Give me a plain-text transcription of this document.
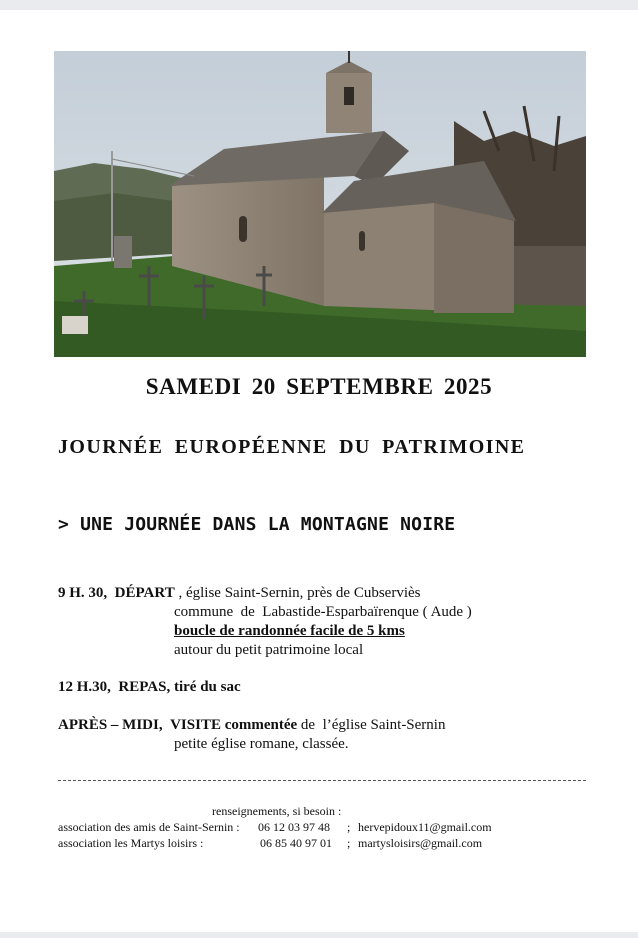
SAMEDI 20 SEPTEMBRE 2025
JOURNÉE EUROPÉENNE DU PATRIMOINE
> UNE JOURNÉE DANS LA MONTAGNE NOIRE
9 H. 30, DÉPART , église Saint-Sernin, près de Cubserviès
commune  de  Labastide-Esparbaïrenque ( Aude )
boucle de randonnée facile de 5 kms
autour du petit patrimoine local
12 H.30, REPAS, tiré du sac
APRÈS – MIDI, VISITE commentée de  l’église Saint-Sernin
petite église romane, classée.
renseignements, si besoin :
association des amis de Saint-Sernin : 06 12 03 97 48 ; hervepidoux11@gmail.com
association les Martys loisirs :	06 85 40 97 01 ; martysloisirs@gmail.com
